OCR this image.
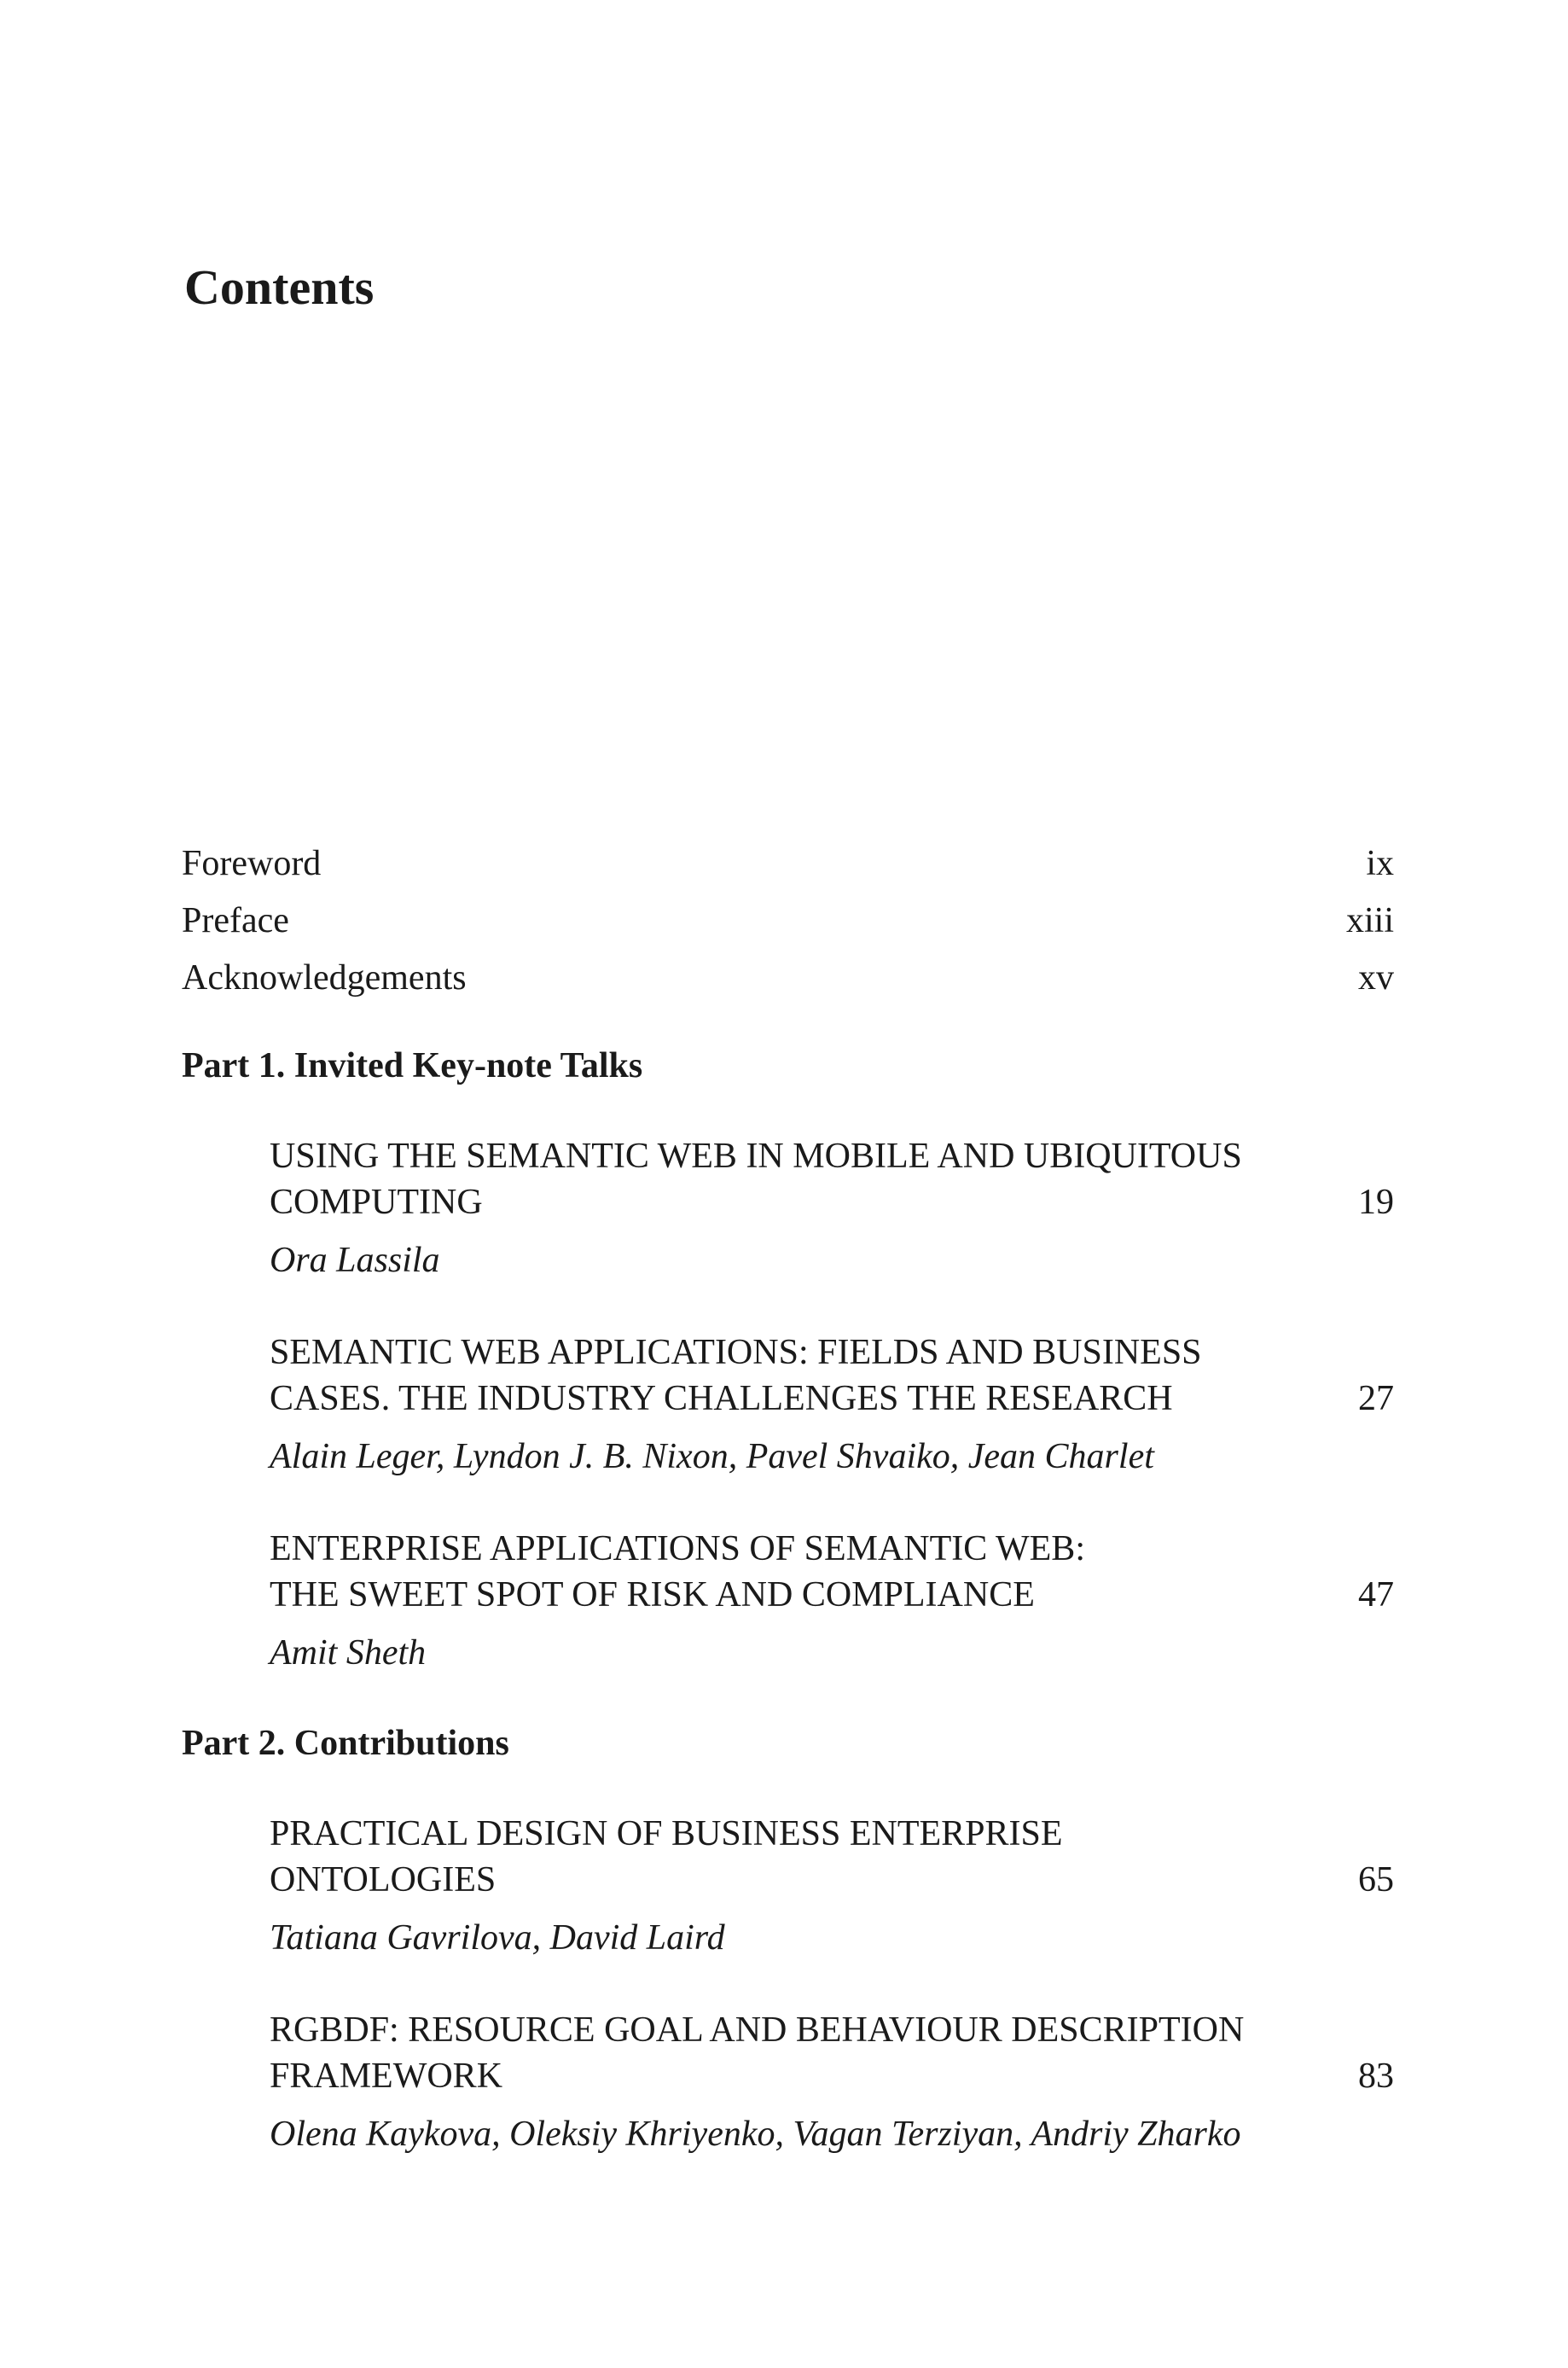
Contents
Foreword	ix
Preface	xiii
Acknowledgements	xv
Part 1. Invited Key-note Talks
USING THE SEMANTIC WEB IN MOBILE AND UBIQUITOUS
COMPUTING	19
Ora Lassila
SEMANTIC WEB APPLICATIONS: FIELDS AND BUSINESS
CASES. THE INDUSTRY CHALLENGES THE RESEARCH	27
Alain Leger, Lyndon J. B. Nixon, Pavel Shvaiko, Jean Charlet
ENTERPRISE APPLICATIONS OF SEMANTIC WEB:
THE SWEET SPOT OF RISK AND COMPLIANCE	47
Amit Sheth
Part 2. Contributions
PRACTICAL DESIGN OF BUSINESS ENTERPRISE
ONTOLOGIES	65
Tatiana Gavrilova, David Laird
RGBDF: RESOURCE GOAL AND BEHAVIOUR DESCRIPTION
FRAMEWORK	83
Olena Kaykova, Oleksiy Khriyenko, Vagan Terziyan, Andriy Zharko
